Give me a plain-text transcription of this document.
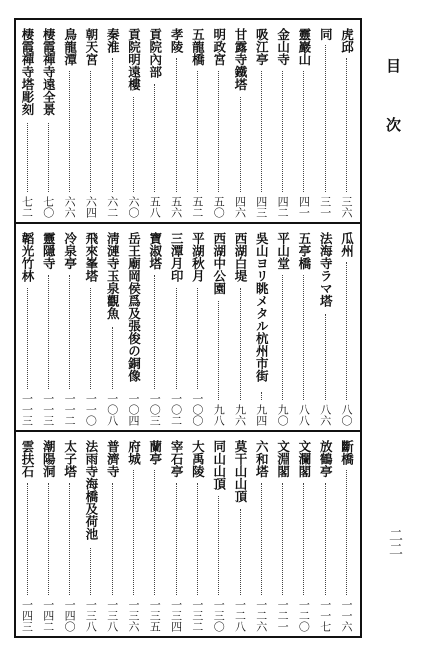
目次
二二
虎邱
三六
同
三一
靈巖山
四一
金山寺
四二
吸江亭
四三
甘露寺鐵塔
四六
明政宮
五〇
五龍橋
五二
孝陵
五六
貢院內部
五八
貢院明遠樓
六〇
秦淮
六二
朝天宮
六四
鳥龍潭
六六
棲霞禪寺遠全景
七〇
棲霞禪寺塔彫刻
七二
瓜州
八〇
法海寺ラマ塔
八六
五亭橋
八八
平山堂
九〇
吳山ヨリ眺メタル杭州市街
九四
西湖白堤
九六
西湖中公園
九八
平湖秋月
一〇〇
三潭月印
一〇二
寶淑塔
一〇三
岳王廟岡侯爲及張俊の銅像
一〇四
淸漣寺玉泉觀魚
一〇八
飛來峯塔
一一〇
冷泉亭
一一二
靈隱寺
一一三
韜光竹林
一一三
斷橋
一一六
放鶴亭
一一七
文瀾閣
一二〇
文淵閣
一二一
六和塔
一二六
莫干山山頂
一二八
同山山頂
一三〇
大禹陵
一三二
宰石亭
一三四
蘭亭
一三五
府城
一三六
普濟寺
一三八
法雨寺海橋及荷池
一三八
太子塔
一四〇
潮陽洞
一四二
雲扶石
一四三
